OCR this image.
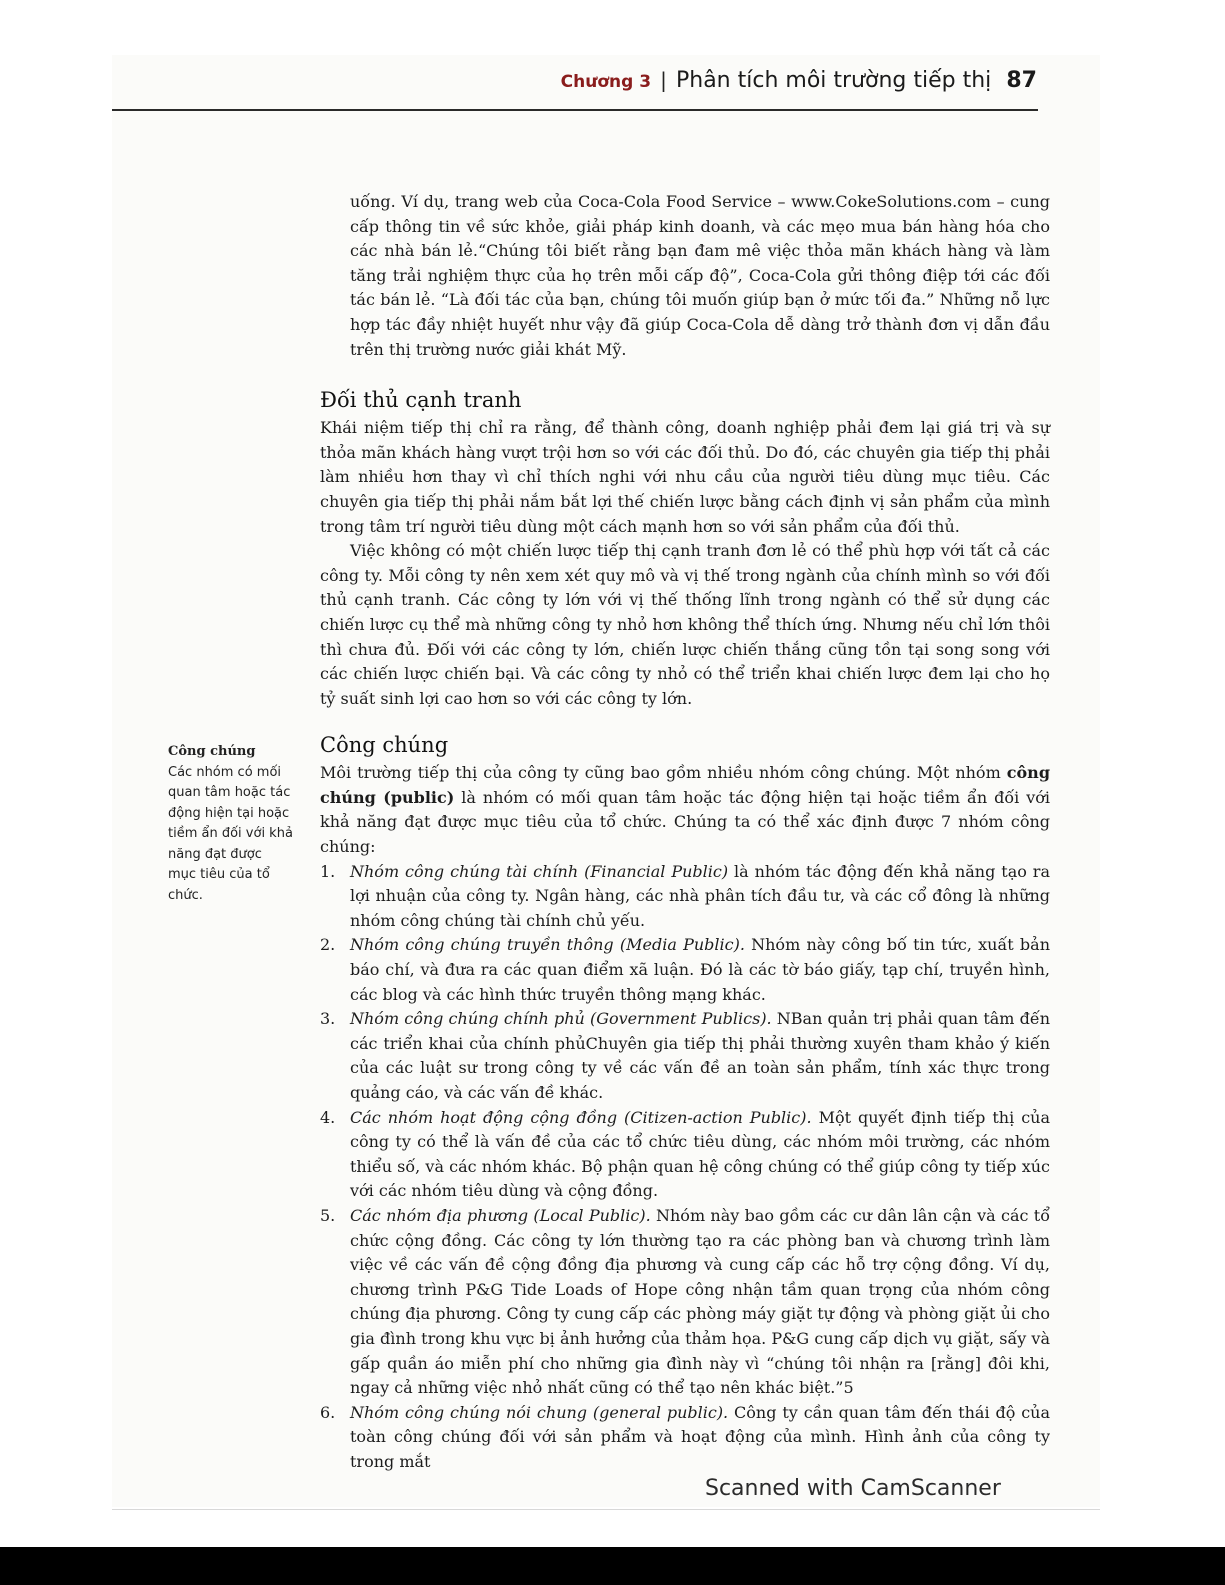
Chương 3 | Phân tích môi trường tiếp thị 87
Công chúng
Các nhóm có mối quan tâm hoặc tác động hiện tại hoặc tiềm ẩn đối với khả năng đạt được mục tiêu của tổ chức.

uống. Ví dụ, trang web của Coca-Cola Food Service – www.CokeSolutions.com – cung cấp thông tin về sức khỏe, giải pháp kinh doanh, và các mẹo mua bán hàng hóa cho các nhà bán lẻ.“Chúng tôi biết rằng bạn đam mê việc thỏa mãn khách hàng và làm tăng trải nghiệm thực của họ trên mỗi cấp độ”, Coca-Cola gửi thông điệp tới các đối tác bán lẻ. “Là đối tác của bạn, chúng tôi muốn giúp bạn ở mức tối đa.” Những nỗ lực hợp tác đầy nhiệt huyết như vậy đã giúp Coca-Cola dễ dàng trở thành đơn vị dẫn đầu trên thị trường nước giải khát Mỹ.

Đối thủ cạnh tranh

Khái niệm tiếp thị chỉ ra rằng, để thành công, doanh nghiệp phải đem lại giá trị và sự thỏa mãn khách hàng vượt trội hơn so với các đối thủ. Do đó, các chuyên gia tiếp thị phải làm nhiều hơn thay vì chỉ thích nghi với nhu cầu của người tiêu dùng mục tiêu. Các chuyên gia tiếp thị phải nắm bắt lợi thế chiến lược bằng cách định vị sản phẩm của mình trong tâm trí người tiêu dùng một cách mạnh hơn so với sản phẩm của đối thủ.

Việc không có một chiến lược tiếp thị cạnh tranh đơn lẻ có thể phù hợp với tất cả các công ty. Mỗi công ty nên xem xét quy mô và vị thế trong ngành của chính mình so với đối thủ cạnh tranh. Các công ty lớn với vị thế thống lĩnh trong ngành có thể sử dụng các chiến lược cụ thể mà những công ty nhỏ hơn không thể thích ứng. Nhưng nếu chỉ lớn thôi thì chưa đủ. Đối với các công ty lớn, chiến lược chiến thắng cũng tồn tại song song với các chiến lược chiến bại. Và các công ty nhỏ có thể triển khai chiến lược đem lại cho họ tỷ suất sinh lợi cao hơn so với các công ty lớn.

Công chúng

Môi trường tiếp thị của công ty cũng bao gồm nhiều nhóm công chúng. Một nhóm công chúng (public) là nhóm có mối quan tâm hoặc tác động hiện tại hoặc tiềm ẩn đối với khả năng đạt được mục tiêu của tổ chức. Chúng ta có thể xác định được 7 nhóm công chúng:

1. Nhóm công chúng tài chính (Financial Public) là nhóm tác động đến khả năng tạo ra lợi nhuận của công ty. Ngân hàng, các nhà phân tích đầu tư, và các cổ đông là những nhóm công chúng tài chính chủ yếu.
2. Nhóm công chúng truyền thông (Media Public). Nhóm này công bố tin tức, xuất bản báo chí, và đưa ra các quan điểm xã luận. Đó là các tờ báo giấy, tạp chí, truyền hình, các blog và các hình thức truyền thông mạng khác.
3. Nhóm công chúng chính phủ (Government Publics). NBan quản trị phải quan tâm đến các triển khai của chính phủChuyên gia tiếp thị phải thường xuyên tham khảo ý kiến của các luật sư trong công ty về các vấn đề an toàn sản phẩm, tính xác thực trong quảng cáo, và các vấn đề khác.
4. Các nhóm hoạt động cộng đồng (Citizen-action Public). Một quyết định tiếp thị của công ty có thể là vấn đề của các tổ chức tiêu dùng, các nhóm môi trường, các nhóm thiểu số, và các nhóm khác. Bộ phận quan hệ công chúng có thể giúp công ty tiếp xúc với các nhóm tiêu dùng và cộng đồng.
5. Các nhóm địa phương (Local Public). Nhóm này bao gồm các cư dân lân cận và các tổ chức cộng đồng. Các công ty lớn thường tạo ra các phòng ban và chương trình làm việc về các vấn đề cộng đồng địa phương và cung cấp các hỗ trợ cộng đồng. Ví dụ, chương trình P&G Tide Loads of Hope công nhận tầm quan trọng của nhóm công chúng địa phương. Công ty cung cấp các phòng máy giặt tự động và phòng giặt ủi cho gia đình trong khu vực bị ảnh hưởng của thảm họa. P&G cung cấp dịch vụ giặt, sấy và gấp quần áo miễn phí cho những gia đình này vì “chúng tôi nhận ra [rằng] đôi khi, ngay cả những việc nhỏ nhất cũng có thể tạo nên khác biệt.”5
6. Nhóm công chúng nói chung (general public). Công ty cần quan tâm đến thái độ của toàn công chúng đối với sản phẩm và hoạt động của mình. Hình ảnh của công ty trong mắt
Scanned with CamScanner
